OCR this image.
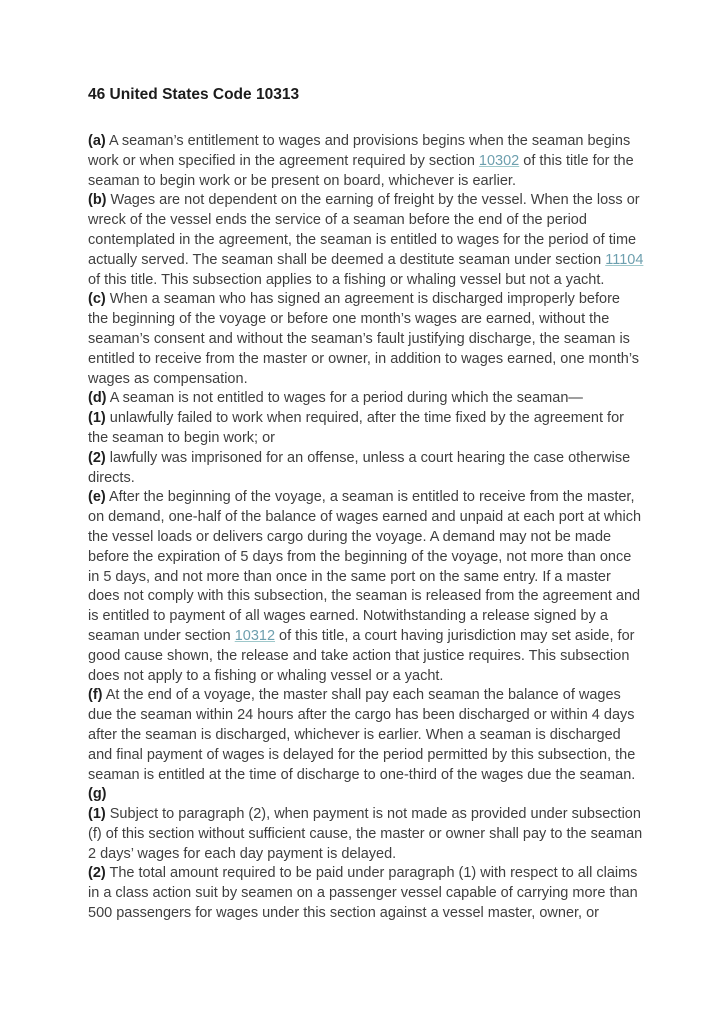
46 United States Code 10313

(a) A seaman’s entitlement to wages and provisions begins when the seaman begins work or when specified in the agreement required by section 10302 of this title for the seaman to begin work or be present on board, whichever is earlier.

(b) Wages are not dependent on the earning of freight by the vessel. When the loss or wreck of the vessel ends the service of a seaman before the end of the period contemplated in the agreement, the seaman is entitled to wages for the period of time actually served. The seaman shall be deemed a destitute seaman under section 11104 of this title. This subsection applies to a fishing or whaling vessel but not a yacht.

(c) When a seaman who has signed an agreement is discharged improperly before the beginning of the voyage or before one month’s wages are earned, without the seaman’s consent and without the seaman’s fault justifying discharge, the seaman is entitled to receive from the master or owner, in addition to wages earned, one month’s wages as compensation.

(d) A seaman is not entitled to wages for a period during which the seaman—

(1) unlawfully failed to work when required, after the time fixed by the agreement for the seaman to begin work; or

(2) lawfully was imprisoned for an offense, unless a court hearing the case otherwise directs.

(e) After the beginning of the voyage, a seaman is entitled to receive from the master, on demand, one-half of the balance of wages earned and unpaid at each port at which the vessel loads or delivers cargo during the voyage. A demand may not be made before the expiration of 5 days from the beginning of the voyage, not more than once in 5 days, and not more than once in the same port on the same entry. If a master does not comply with this subsection, the seaman is released from the agreement and is entitled to payment of all wages earned. Notwithstanding a release signed by a seaman under section 10312 of this title, a court having jurisdiction may set aside, for good cause shown, the release and take action that justice requires. This subsection does not apply to a fishing or whaling vessel or a yacht.

(f) At the end of a voyage, the master shall pay each seaman the balance of wages due the seaman within 24 hours after the cargo has been discharged or within 4 days after the seaman is discharged, whichever is earlier. When a seaman is discharged and final payment of wages is delayed for the period permitted by this subsection, the seaman is entitled at the time of discharge to one-third of the wages due the seaman.

(g)

(1) Subject to paragraph (2), when payment is not made as provided under subsection (f) of this section without sufficient cause, the master or owner shall pay to the seaman 2 days’ wages for each day payment is delayed.

(2) The total amount required to be paid under paragraph (1) with respect to all claims in a class action suit by seamen on a passenger vessel capable of carrying more than 500 passengers for wages under this section against a vessel master, owner, or
